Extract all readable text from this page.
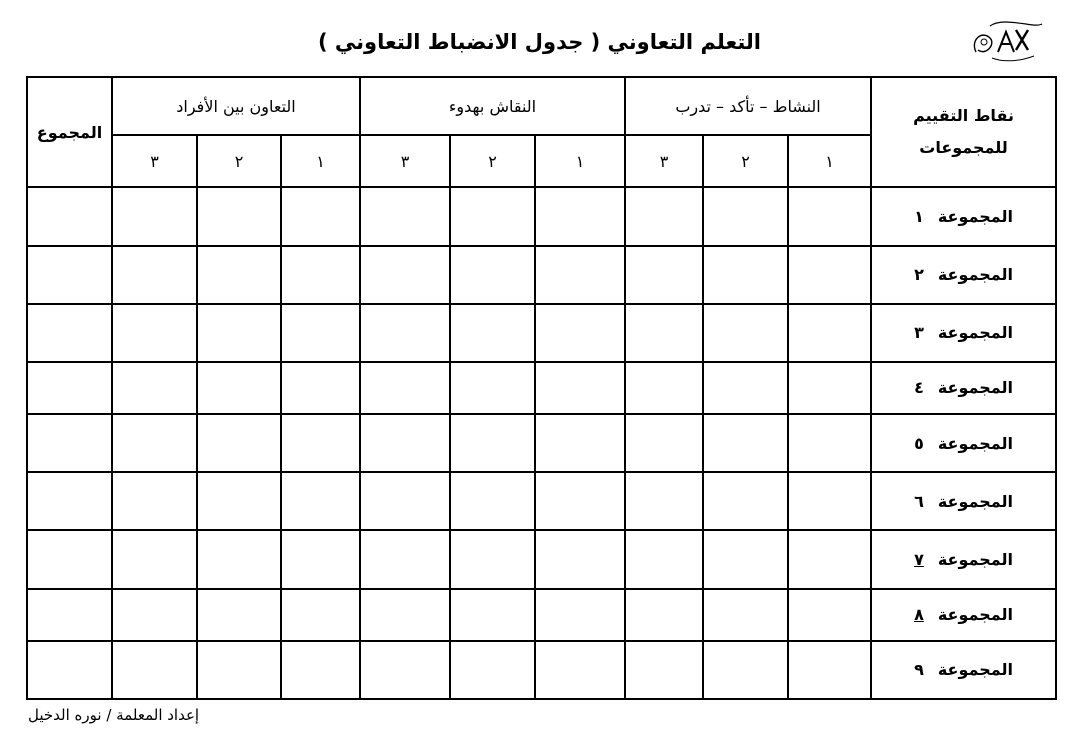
التعلم التعاوني ( جدول الانضباط التعاوني )
المجموع	التعاون بين الأفراد			النقاش بهدوء			النشاط – تأكد – تدرب			نقاط التقييم
للمجموعات

	٣	٢	١	٣	٢	١	٣	٢	١	
										المجموعة١
										المجموعة٢
										المجموعة٣
										المجموعة٤
										المجموعة٥
										المجموعة٦
										المجموعة٧
										المجموعة٨
										المجموعة٩
إعداد المعلمة / نوره الدخيل
